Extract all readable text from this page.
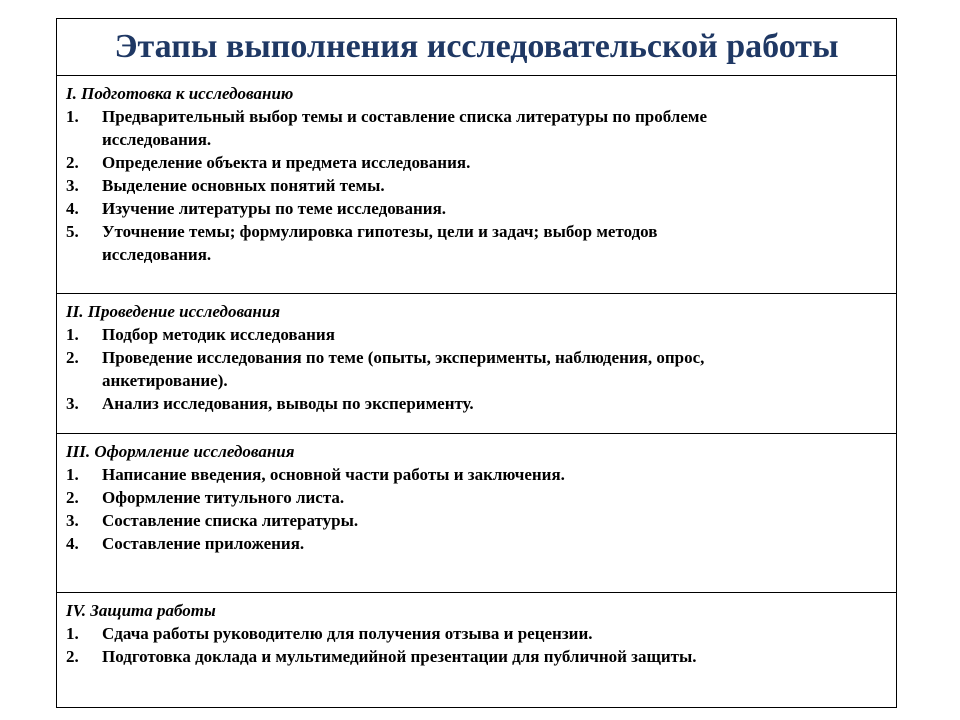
Этапы выполнения исследовательской работы
I. Подготовка к исследованию
1.	Предварительный выбор темы и составление списка литературы по проблеме
исследования.
2.	Определение объекта и предмета исследования.
3.	Выделение основных понятий темы.
4.	Изучение литературы по теме исследования.
5.	Уточнение темы; формулировка гипотезы, цели и задач; выбор методов
исследования.
II. Проведение исследования
1.	Подбор методик исследования
2.	Проведение исследования по теме (опыты, эксперименты, наблюдения, опрос,
анкетирование).
3.	Анализ исследования, выводы по эксперименту.
III. Оформление исследования
1.	Написание введения, основной части работы и заключения.
2.	Оформление титульного листа.
3.	Составление списка литературы.
4.	Составление приложения.
IV. Защита работы
1.	Сдача работы руководителю для получения отзыва и рецензии.
2.	Подготовка доклада и мультимедийной презентации для публичной защиты.
